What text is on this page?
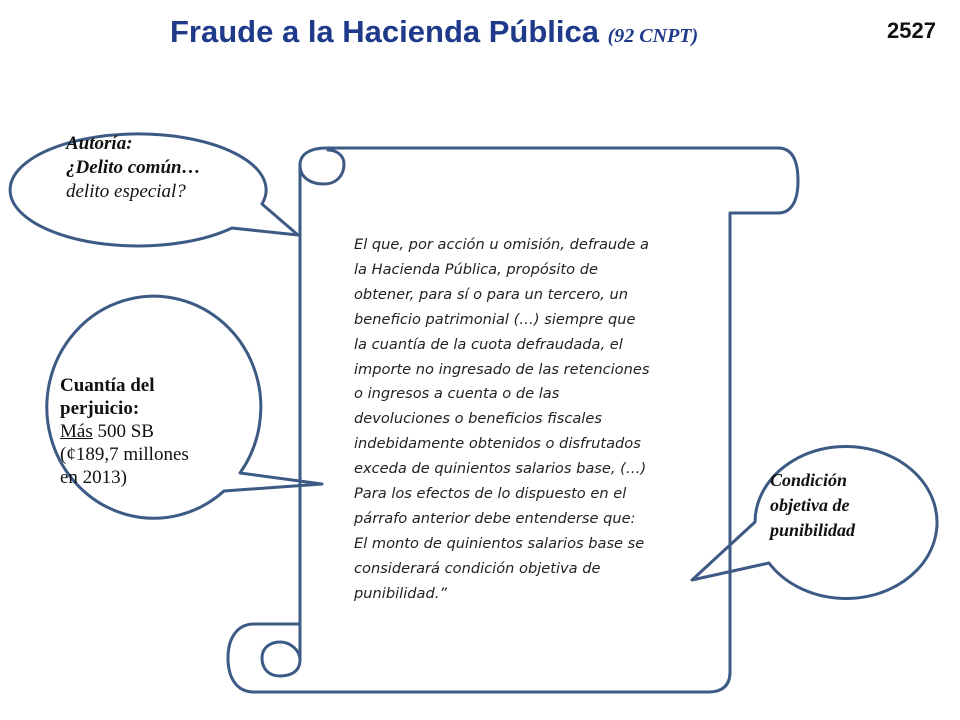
Fraude a la Hacienda Pública (92 CNPT)	2527
Autoría:
¿Delito común…

delito especial?
Cuantía del
perjuicio:
Más 500 SB
(¢189,7 millones
en 2013)	Condición
objetiva de
punibilidad
El que, por acción u omisión, defraude a
la Hacienda Pública, propósito de
obtener, para sí o para un tercero, un
beneficio patrimonial (…) siempre que
la cuantía de la cuota defraudada, el
importe no ingresado de las retenciones
o ingresos a cuenta o de las
devoluciones o beneficios fiscales
indebidamente obtenidos o disfrutados
exceda de quinientos salarios base, (…)
Para los efectos de lo dispuesto en el
párrafo anterior debe entenderse que:
El monto de quinientos salarios base se
considerará condición objetiva de
punibilidad.”
